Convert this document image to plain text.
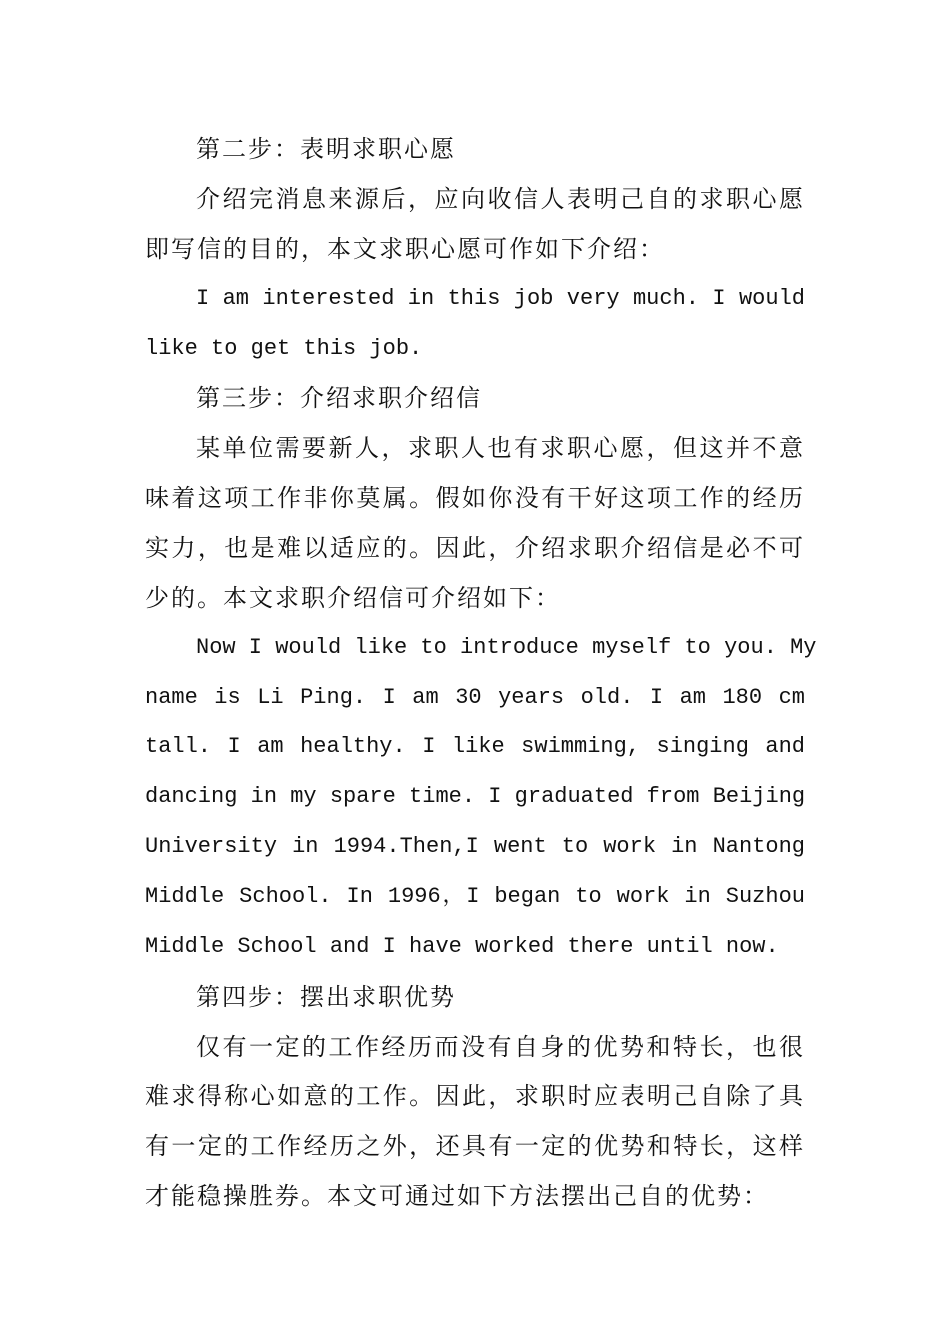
第二步：表明求职心愿
介绍完消息来源后，应向收信人表明己自的求职心愿
即写信的目的，本文求职心愿可作如下介绍：
I am interested in this job very much. I would
like to get this job.
第三步：介绍求职介绍信
某单位需要新人，求职人也有求职心愿，但这并不意
味着这项工作非你莫属。假如你没有干好这项工作的经历
实力，也是难以适应的。因此，介绍求职介绍信是必不可
少的。本文求职介绍信可介绍如下：
Now I would like to introduce myself to you. My
name is Li Ping. I am 30 years old. I am 180 cm
tall. I am healthy. I like swimming, singing and
dancing in my spare time. I graduated from Beijing
University in 1994.Then,I went to work in Nantong
Middle School. In 1996，I began to work in Suzhou
Middle School and I have worked there until now.
第四步：摆出求职优势
仅有一定的工作经历而没有自身的优势和特长，也很
难求得称心如意的工作。因此，求职时应表明己自除了具
有一定的工作经历之外，还具有一定的优势和特长，这样
才能稳操胜券。本文可通过如下方法摆出己自的优势：
